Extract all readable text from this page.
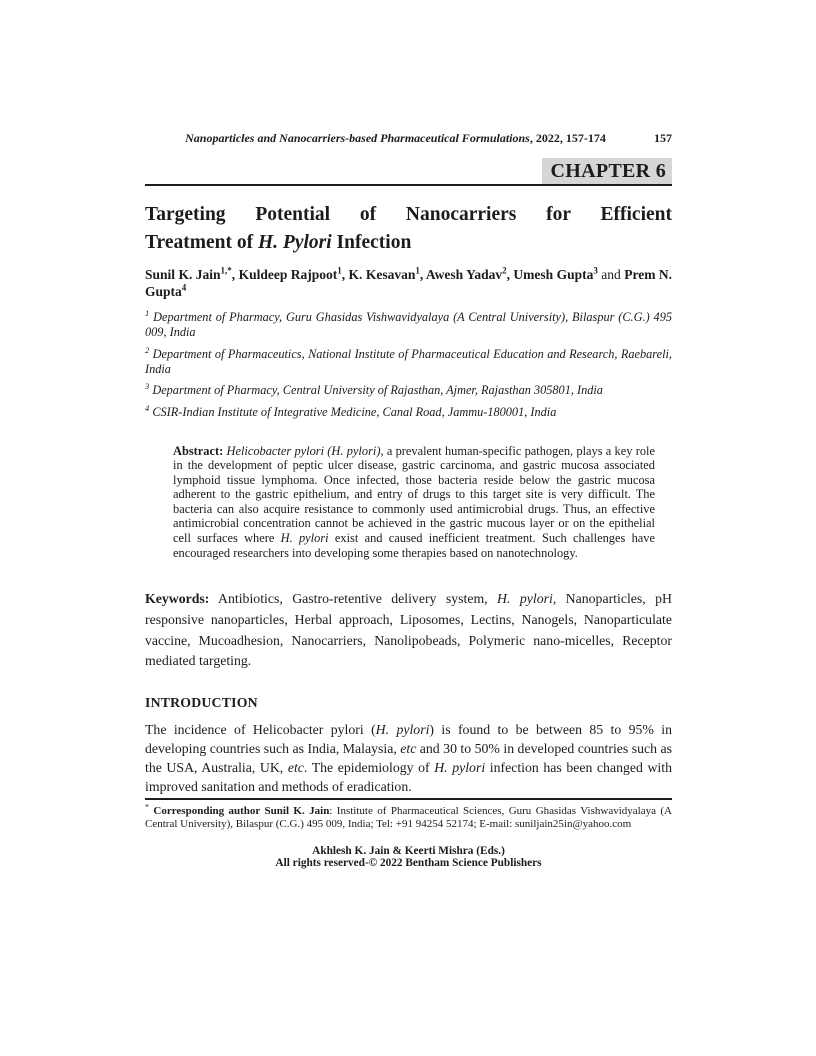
Nanoparticles and Nanocarriers-based Pharmaceutical Formulations, 2022, 157-174	157
CHAPTER 6
Targeting Potential of Nanocarriers for Efficient
Treatment of H. Pylori Infection
Sunil K. Jain$^{1,*}$, Kuldeep Rajpoot$^1$, K. Kesavan$^1$, Awesh Yadav$^2$, Umesh Gupta$^3$ and Prem N. Gupta$^4$
$^1$ Department of Pharmacy, Guru Ghasidas Vishwavidyalaya (A Central University), Bilaspur (C.G.) 495 009, India
$^2$ Department of Pharmaceutics, National Institute of Pharmaceutical Education and Research, Raebareli, India
$^3$ Department of Pharmacy, Central University of Rajasthan, Ajmer, Rajasthan 305801, India
$^4$ CSIR-Indian Institute of Integrative Medicine, Canal Road, Jammu-180001, India
Abstract: Helicobacter pylori (H. pylori), a prevalent human-specific pathogen, plays a key role in the development of peptic ulcer disease, gastric carcinoma, and gastric mucosa associated lymphoid tissue lymphoma. Once infected, those bacteria reside below the gastric mucosa adherent to the gastric epithelium, and entry of drugs to this target site is very difficult. The bacteria can also acquire resistance to commonly used antimicrobial drugs. Thus, an effective antimicrobial concentration cannot be achieved in the gastric mucous layer or on the epithelial cell surfaces where H. pylori exist and caused inefficient treatment. Such challenges have encouraged researchers into developing some therapies based on nanotechnology.
Keywords: Antibiotics, Gastro-retentive delivery system, H. pylori, Nanoparticles, pH responsive nanoparticles, Herbal approach, Liposomes, Lectins, Nanogels, Nanoparticulate vaccine, Mucoadhesion, Nanocarriers, Nanolipobeads, Polymeric nano-micelles, Receptor mediated targeting.
INTRODUCTION
The incidence of Helicobacter pylori (H. pylori) is found to be between 85 to 95% in developing countries such as India, Malaysia, etc and 30 to 50% in developed countries such as the USA, Australia, UK, etc. The epidemiology of H. pylori infection has been changed with improved sanitation and methods of eradication.
* Corresponding author Sunil K. Jain: Institute of Pharmaceutical Sciences, Guru Ghasidas Vishwavidyalaya (A Central University), Bilaspur (C.G.) 495 009, India; Tel: +91 94254 52174; E-mail: suniljain25in@yahoo.com
Akhlesh K. Jain & Keerti Mishra (Eds.)
All rights reserved-© 2022 Bentham Science Publishers
